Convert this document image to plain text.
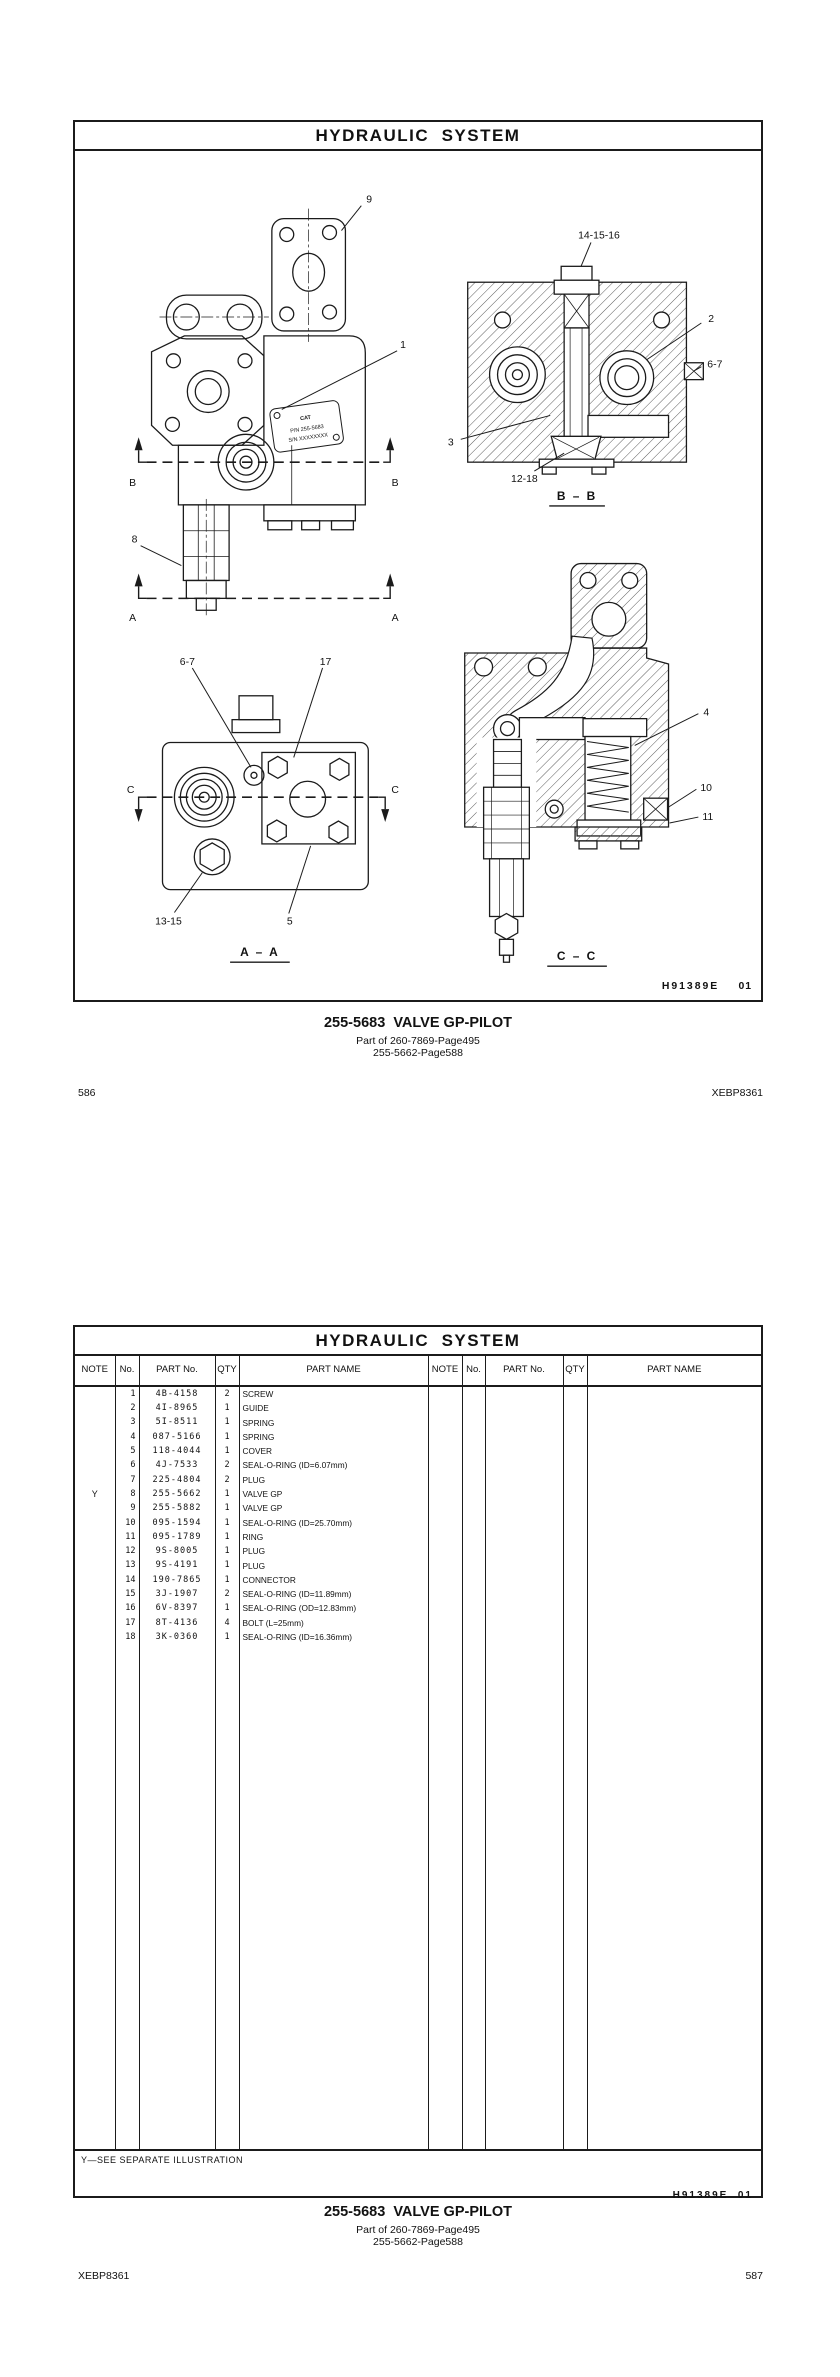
HYDRAULIC  SYSTEM
CAT
P/N 255-5683
S/N XXXXXXXX
9
1
8
B	B
A	A
14-15-16
2
6-7
3
12-18
B – B
C	C
6-7	17
13-15	5
A – A
4
10
11
C – C
H91389E 01
255-5683  VALVE GP-PILOT
Part of 260-7869-Page495
255-5662-Page588
586	XEBP8361
HYDRAULIC  SYSTEM
NOTE	No.	PART No.	QTY	PART NAME	NOTE	No.	PART No.	QTY	PART NAME
	1	4B-4158	2	SCREW					
	2	4I-8965	1	GUIDE					
	3	5I-8511	1	SPRING					
	4	087-5166	1	SPRING					
	5	118-4044	1	COVER					
	6	4J-7533	2	SEAL-O-RING (ID=6.07mm)					
	7	225-4804	2	PLUG					
Y	8	255-5662	1	VALVE GP					
	9	255-5882	1	VALVE GP					
	10	095-1594	1	SEAL-O-RING (ID=25.70mm)					
	11	095-1789	1	RING					
	12	9S-8005	1	PLUG					
	13	9S-4191	1	PLUG					
	14	190-7865	1	CONNECTOR					
	15	3J-1907	2	SEAL-O-RING (ID=11.89mm)					
	16	6V-8397	1	SEAL-O-RING (OD=12.83mm)					
	17	8T-4136	4	BOLT (L=25mm)					
	18	3K-0360	1	SEAL-O-RING (ID=16.36mm)					

Y—SEE SEPARATE ILLUSTRATION

H91389E 01

255-5683  VALVE GP-PILOT
Part of 260-7869-Page495
255-5662-Page588
XEBP8361	587
